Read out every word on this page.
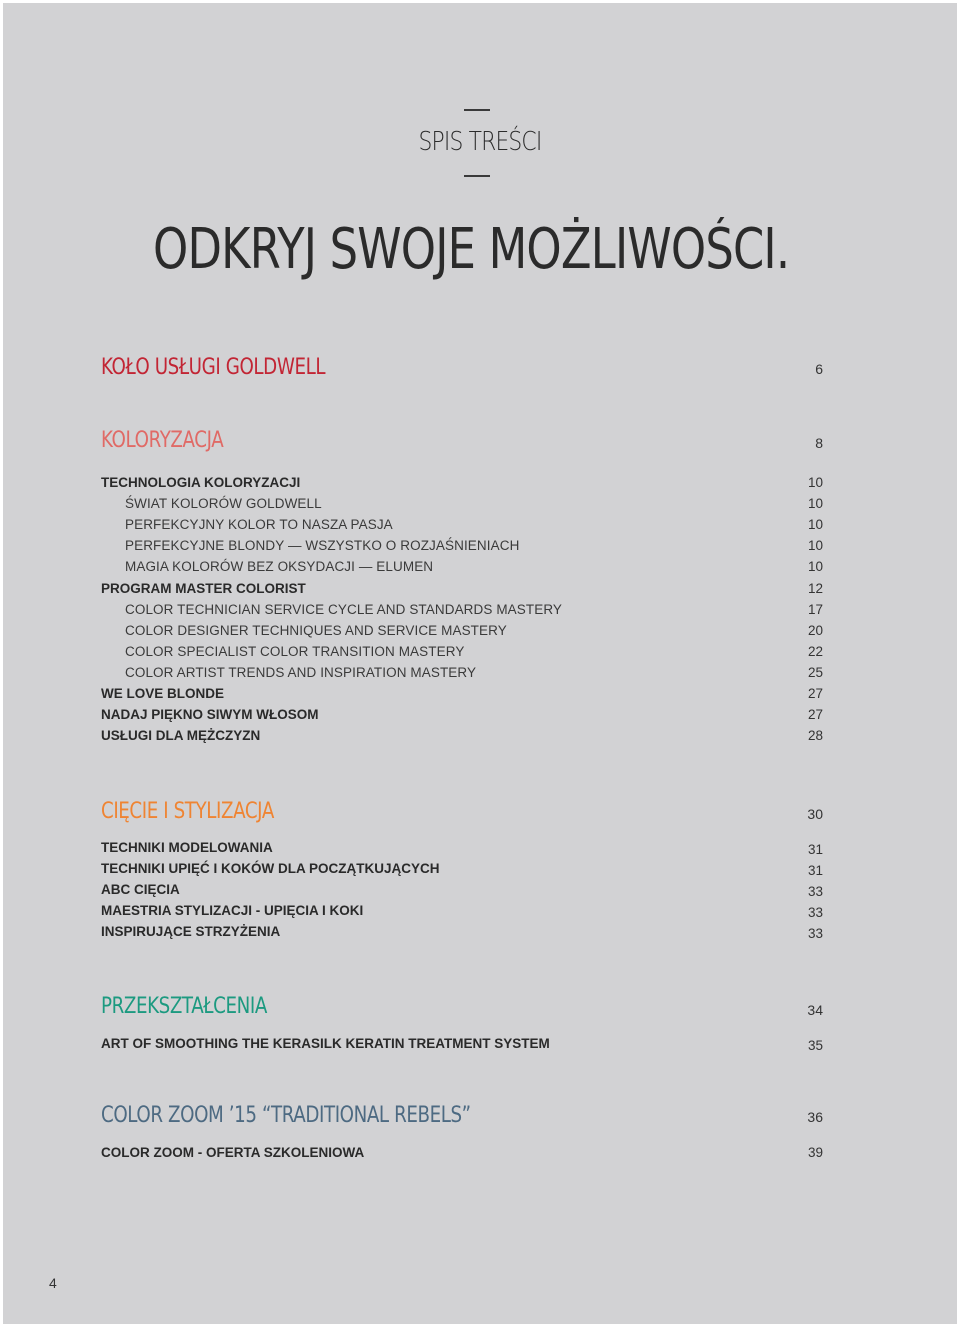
SPIS TREŚCI
ODKRYJ SWOJE MOŻLIWOŚCI.
KOŁO USŁUGI GOLDWELL	6
KOLORYZACJA	8
TECHNOLOGIA KOLORYZACJI	10
ŚWIAT KOLORÓW GOLDWELL	10
PERFEKCYJNY KOLOR TO NASZA PASJA	10
PERFEKCYJNE BLONDY — WSZYSTKO O ROZJAŚNIENIACH	10
MAGIA KOLORÓW BEZ OKSYDACJI — ELUMEN	10
PROGRAM MASTER COLORIST	12
COLOR TECHNICIAN SERVICE CYCLE AND STANDARDS MASTERY	17
COLOR DESIGNER TECHNIQUES AND SERVICE MASTERY	20
COLOR SPECIALIST COLOR TRANSITION MASTERY	22
COLOR ARTIST TRENDS AND INSPIRATION MASTERY	25
WE LOVE BLONDE	27
NADAJ PIĘKNO SIWYM WŁOSOM	27
USŁUGI DLA MĘŻCZYZN	28
CIĘCIE I STYLIZACJA	30
TECHNIKI MODELOWANIA	31
TECHNIKI UPIĘĆ I KOKÓW DLA POCZĄTKUJĄCYCH	31
ABC CIĘCIA	33
MAESTRIA STYLIZACJI - UPIĘCIA I KOKI	33
INSPIRUJĄCE STRZYŻENIA	33
PRZEKSZTAŁCENIA	34
ART OF SMOOTHING THE KERASILK KERATIN TREATMENT SYSTEM	35
COLOR ZOOM ’15 “TRADITIONAL REBELS”	36
COLOR ZOOM - OFERTA SZKOLENIOWA	39
4
